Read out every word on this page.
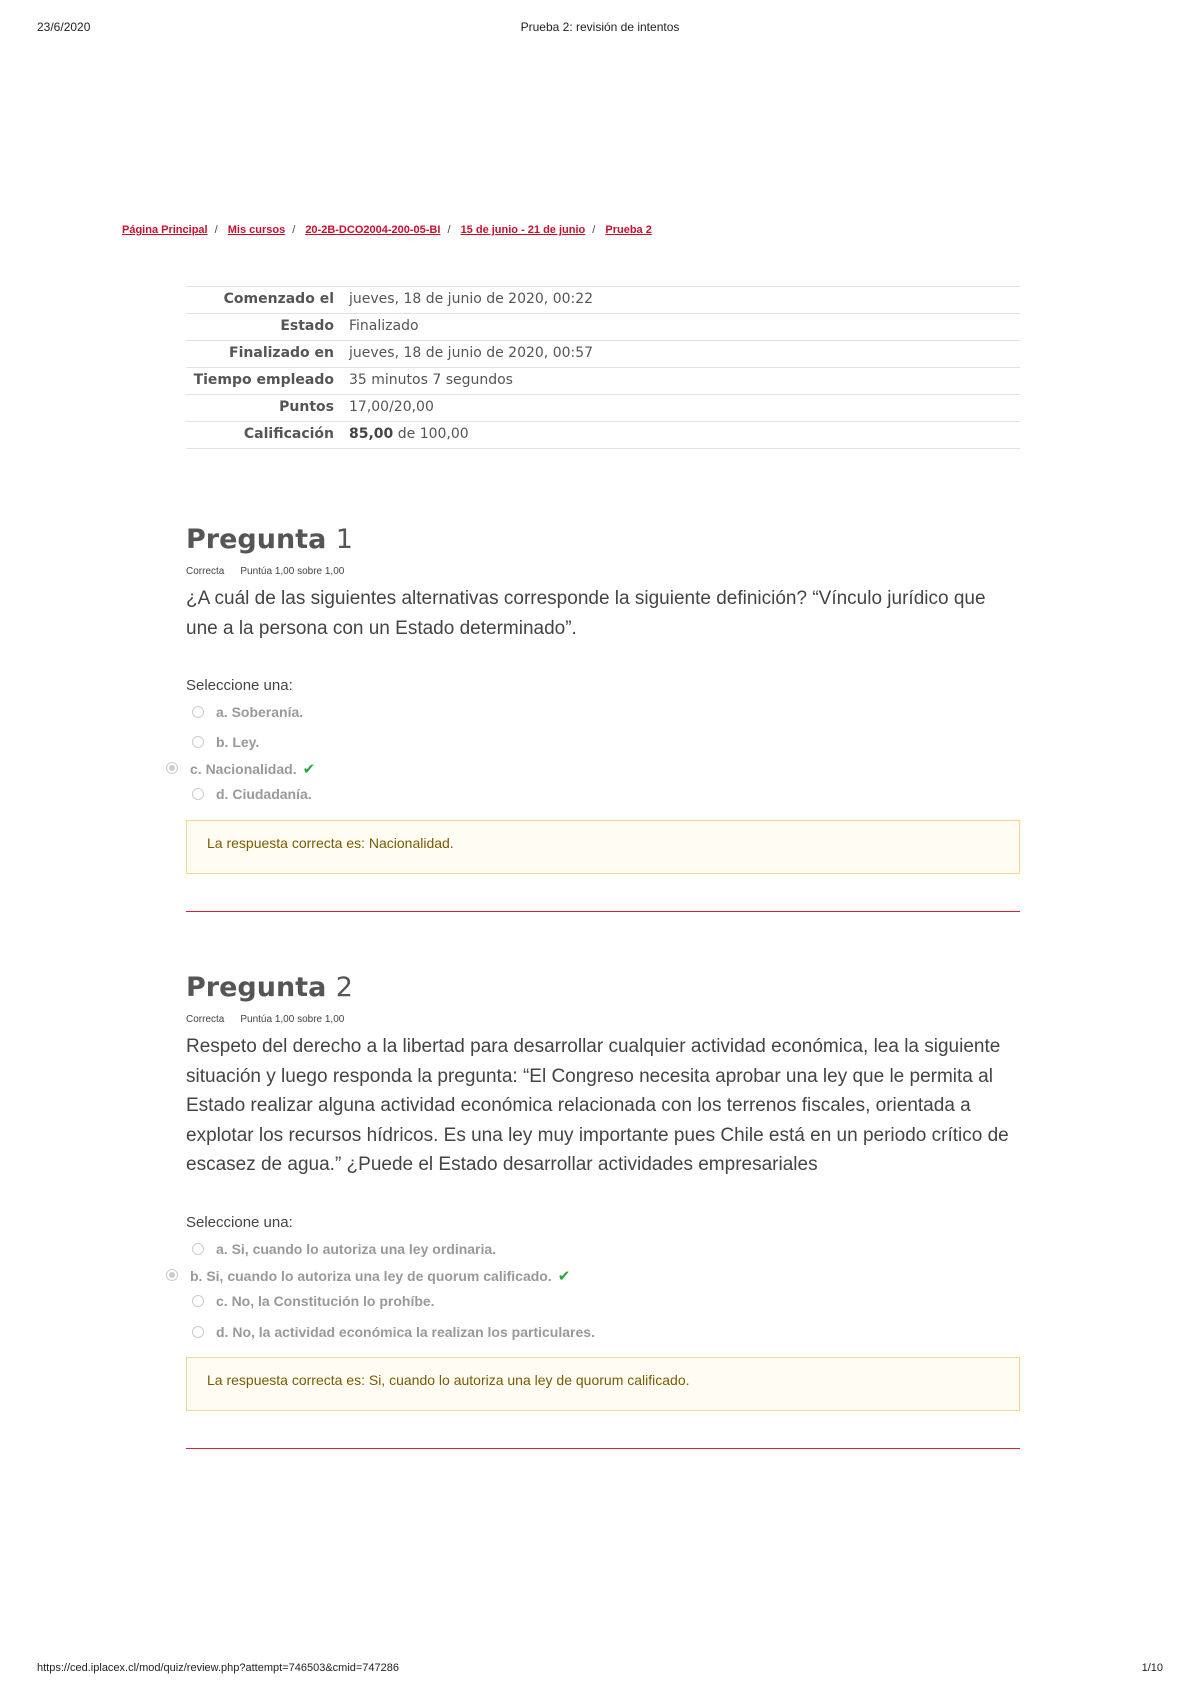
23/6/2020	Prueba 2: revisión de intentos
Página Principal / Mis cursos / 20-2B-DCO2004-200-05-BI / 15 de junio - 21 de junio / Prueba 2
Comenzado el	jueves, 18 de junio de 2020, 00:22
Estado	Finalizado
Finalizado en	jueves, 18 de junio de 2020, 00:57
Tiempo empleado	35 minutos 7 segundos
Puntos	17,00/20,00
Calificación	85,00 de 100,00
Pregunta 1
Correcta Puntúa 1,00 sobre 1,00
¿A cuál de las siguientes alternativas corresponde la siguiente definición? “Vínculo jurídico que une a la persona con un Estado determinado”.
Seleccione una:
a. Soberanía.
b. Ley.
c. Nacionalidad. ✔
d. Ciudadanía.
La respuesta correcta es: Nacionalidad.
Pregunta 2
Correcta Puntúa 1,00 sobre 1,00
Respeto del derecho a la libertad para desarrollar cualquier actividad económica, lea la siguiente situación y luego responda la pregunta: “El Congreso necesita aprobar una ley que le permita al Estado realizar alguna actividad económica relacionada con los terrenos fiscales, orientada a explotar los recursos hídricos. Es una ley muy importante pues Chile está en un periodo crítico de escasez de agua.” ¿Puede el Estado desarrollar actividades empresariales
Seleccione una:
a. Si, cuando lo autoriza una ley ordinaria.
b. Si, cuando lo autoriza una ley de quorum calificado. ✔
c. No, la Constitución lo prohíbe.
d. No, la actividad económica la realizan los particulares.
La respuesta correcta es: Si, cuando lo autoriza una ley de quorum calificado.
https://ced.iplacex.cl/mod/quiz/review.php?attempt=746503&cmid=747286	1/10
